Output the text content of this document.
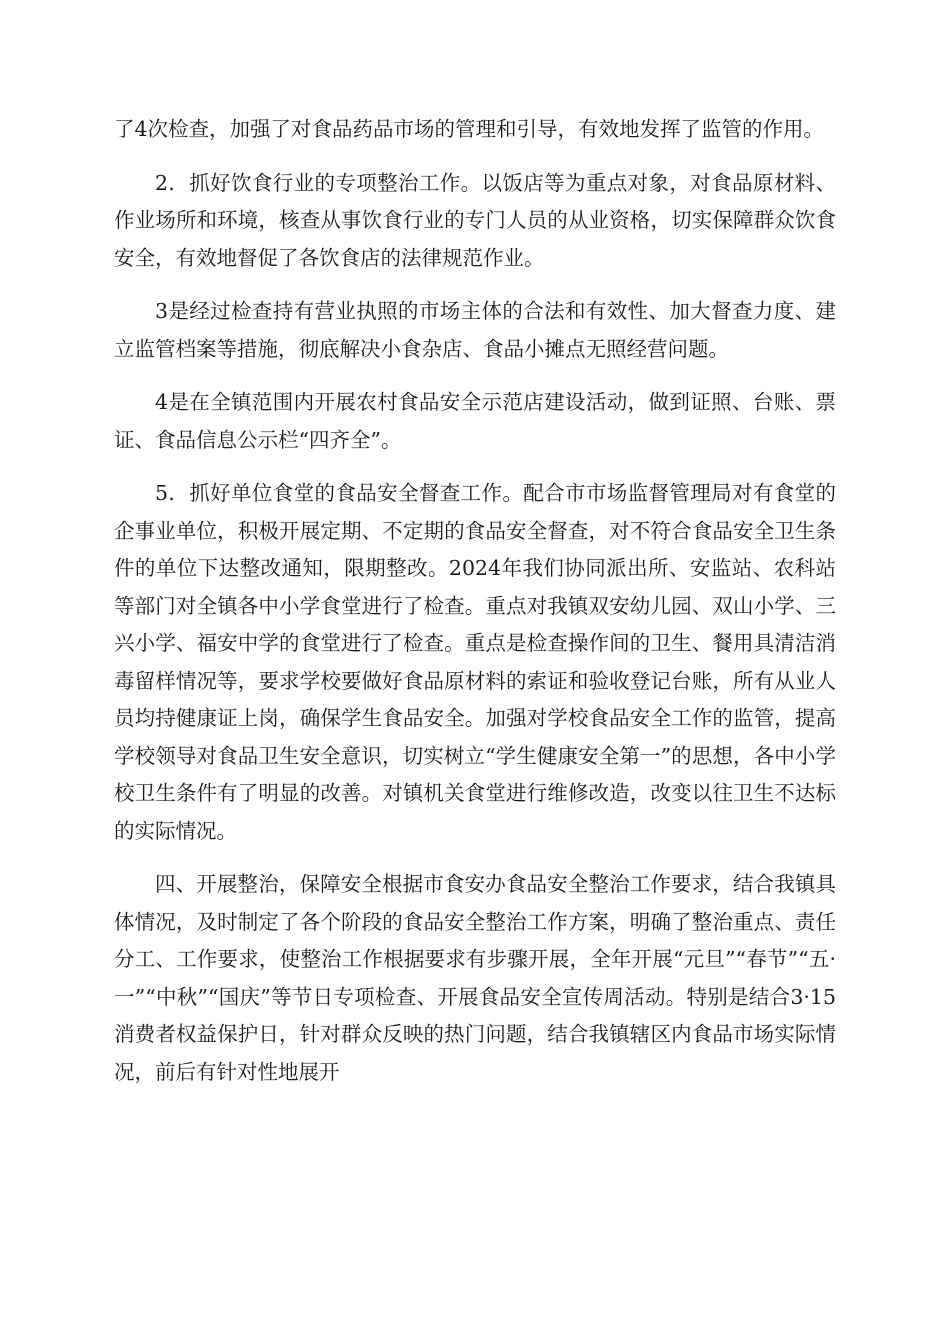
了4次检查，加强了对食品药品市场的管理和引导，有效地发挥了监管的作用。

2．抓好饮食行业的专项整治工作。以饭店等为重点对象，对食品原材料、作业场所和环境，核查从事饮食行业的专门人员的从业资格，切实保障群众饮食安全，有效地督促了各饮食店的法律规范作业。

3是经过检查持有营业执照的市场主体的合法和有效性、加大督查力度、建立监管档案等措施，彻底解决小食杂店、食品小摊点无照经营问题。

4是在全镇范围内开展农村食品安全示范店建设活动，做到证照、台账、票证、食品信息公示栏“四齐全”。

5．抓好单位食堂的食品安全督查工作。配合市市场监督管理局对有食堂的企事业单位，积极开展定期、不定期的食品安全督查，对不符合食品安全卫生条件的单位下达整改通知，限期整改。2024年我们协同派出所、安监站、农科站等部门对全镇各中小学食堂进行了检查。重点对我镇双安幼儿园、双山小学、三兴小学、福安中学的食堂进行了检查。重点是检查操作间的卫生、餐用具清洁消毒留样情况等，要求学校要做好食品原材料的索证和验收登记台账，所有从业人员均持健康证上岗，确保学生食品安全。加强对学校食品安全工作的监管，提高学校领导对食品卫生安全意识，切实树立“学生健康安全第一”的思想，各中小学校卫生条件有了明显的改善。对镇机关食堂进行维修改造，改变以往卫生不达标的实际情况。

四、开展整治，保障安全根据市食安办食品安全整治工作要求，结合我镇具体情况，及时制定了各个阶段的食品安全整治工作方案，明确了整治重点、责任分工、工作要求，使整治工作根据要求有步骤开展，全年开展“元旦”“春节”“五·一”“中秋”“国庆”等节日专项检查、开展食品安全宣传周活动。特别是结合3·15消费者权益保护日，针对群众反映的热门问题，结合我镇辖区内食品市场实际情况，前后有针对性地展开
